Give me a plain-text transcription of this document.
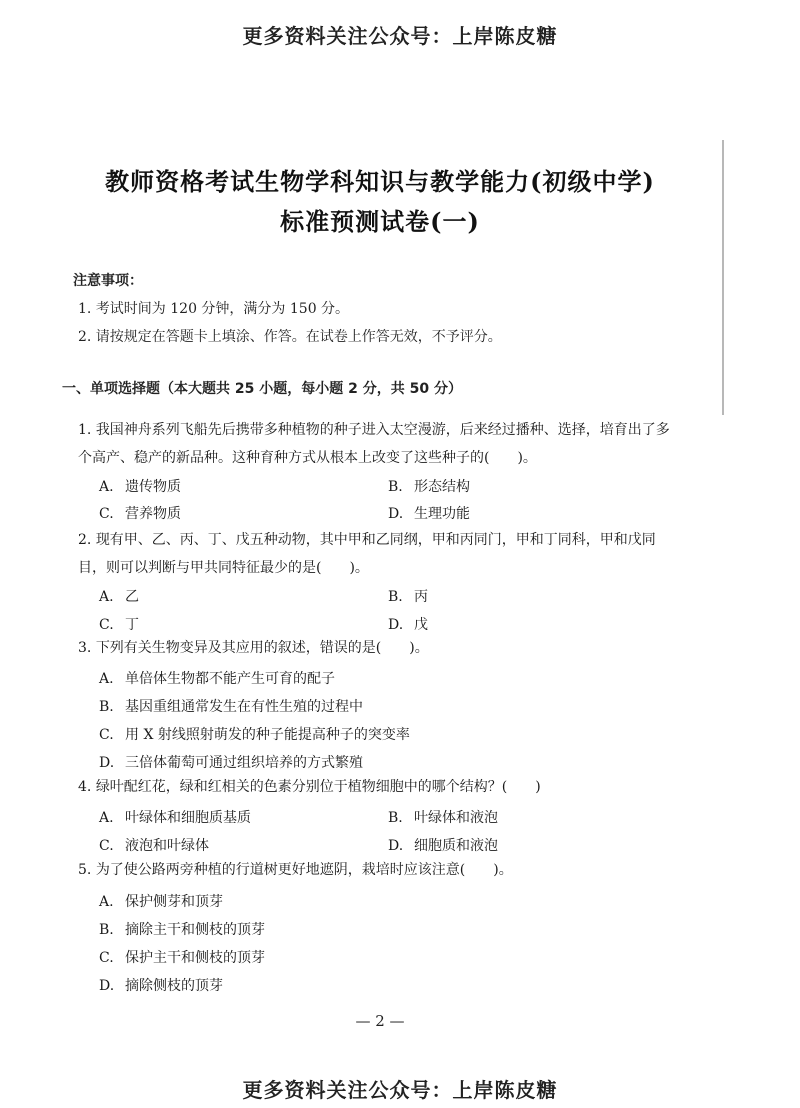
更多资料关注公众号：上岸陈皮糖
教师资格考试生物学科知识与教学能力(初级中学)
标准预测试卷(一)
注意事项：
1. 考试时间为 120 分钟，满分为 150 分。
2. 请按规定在答题卡上填涂、作答。在试卷上作答无效，不予评分。
一、单项选择题（本大题共 25 小题，每小题 2 分，共 50 分）
1. 我国神舟系列飞船先后携带多种植物的种子进入太空漫游，后来经过播种、选择，培育出了多个高产、稳产的新品种。这种育种方式从根本上改变了这些种子的(　　)。
A. 遗传物质	B. 形态结构
C. 营养物质	D. 生理功能
2. 现有甲、乙、丙、丁、戊五种动物，其中甲和乙同纲，甲和丙同门，甲和丁同科，甲和戊同目，则可以判断与甲共同特征最少的是(　　)。
A. 乙	B. 丙
C. 丁	D. 戊
3. 下列有关生物变异及其应用的叙述，错误的是(　　)。
A. 单倍体生物都不能产生可育的配子
B. 基因重组通常发生在有性生殖的过程中
C. 用 X 射线照射萌发的种子能提高种子的突变率
D. 三倍体葡萄可通过组织培养的方式繁殖
4. 绿叶配红花，绿和红相关的色素分别位于植物细胞中的哪个结构？(　　)
A. 叶绿体和细胞质基质	B. 叶绿体和液泡
C. 液泡和叶绿体	D. 细胞质和液泡
5. 为了使公路两旁种植的行道树更好地遮阴，栽培时应该注意(　　)。
A. 保护侧芽和顶芽
B. 摘除主干和侧枝的顶芽
C. 保护主干和侧枝的顶芽
D. 摘除侧枝的顶芽
— 2 —
更多资料关注公众号：上岸陈皮糖
